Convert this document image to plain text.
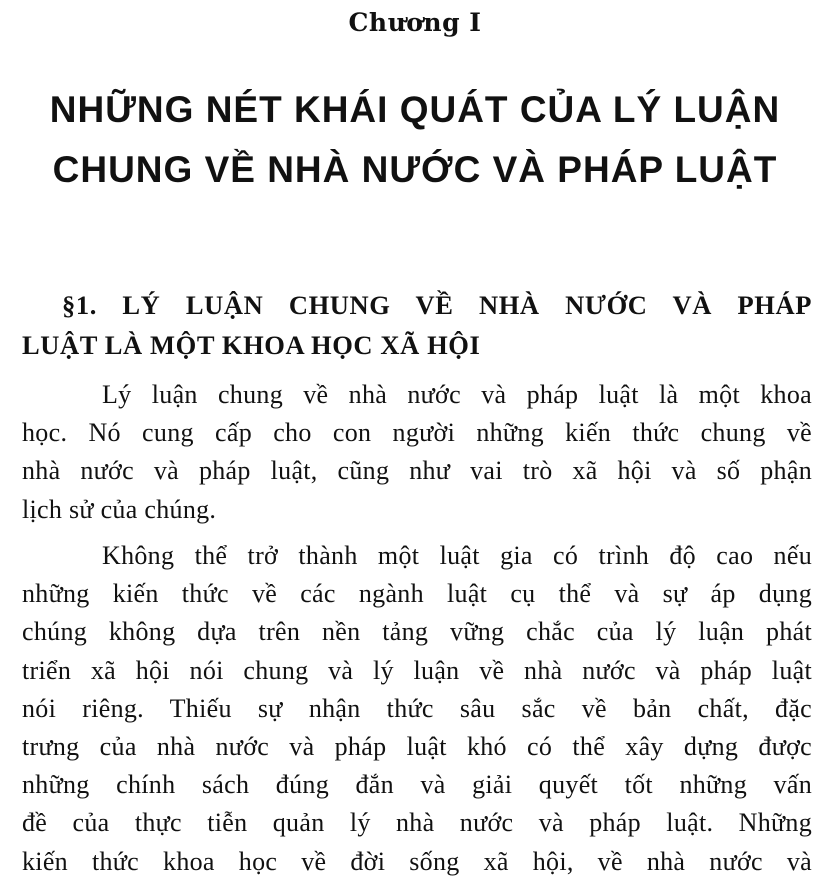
Chương I
NHỮNG NÉT KHÁI QUÁT CỦA LÝ LUẬN
CHUNG VỀ NHÀ NƯỚC VÀ PHÁP LUẬT
§1. LÝ LUẬN CHUNG VỀ NHÀ NƯỚC VÀ PHÁP
LUẬT LÀ MỘT KHOA HỌC XÃ HỘI
Lý luận chung về nhà nước và pháp luật là một khoa
học. Nó cung cấp cho con người những kiến thức chung về
nhà nước và pháp luật, cũng như vai trò xã hội và số phận
lịch sử của chúng.
Không thể trở thành một luật gia có trình độ cao nếu
những kiến thức về các ngành luật cụ thể và sự áp dụng
chúng không dựa trên nền tảng vững chắc của lý luận phát
triển xã hội nói chung và lý luận về nhà nước và pháp luật
nói riêng. Thiếu sự nhận thức sâu sắc về bản chất, đặc
trưng của nhà nước và pháp luật khó có thể xây dựng được
những chính sách đúng đắn và giải quyết tốt những vấn
đề của thực tiễn quản lý nhà nước và pháp luật. Những
kiến thức khoa học về đời sống xã hội, về nhà nước và
